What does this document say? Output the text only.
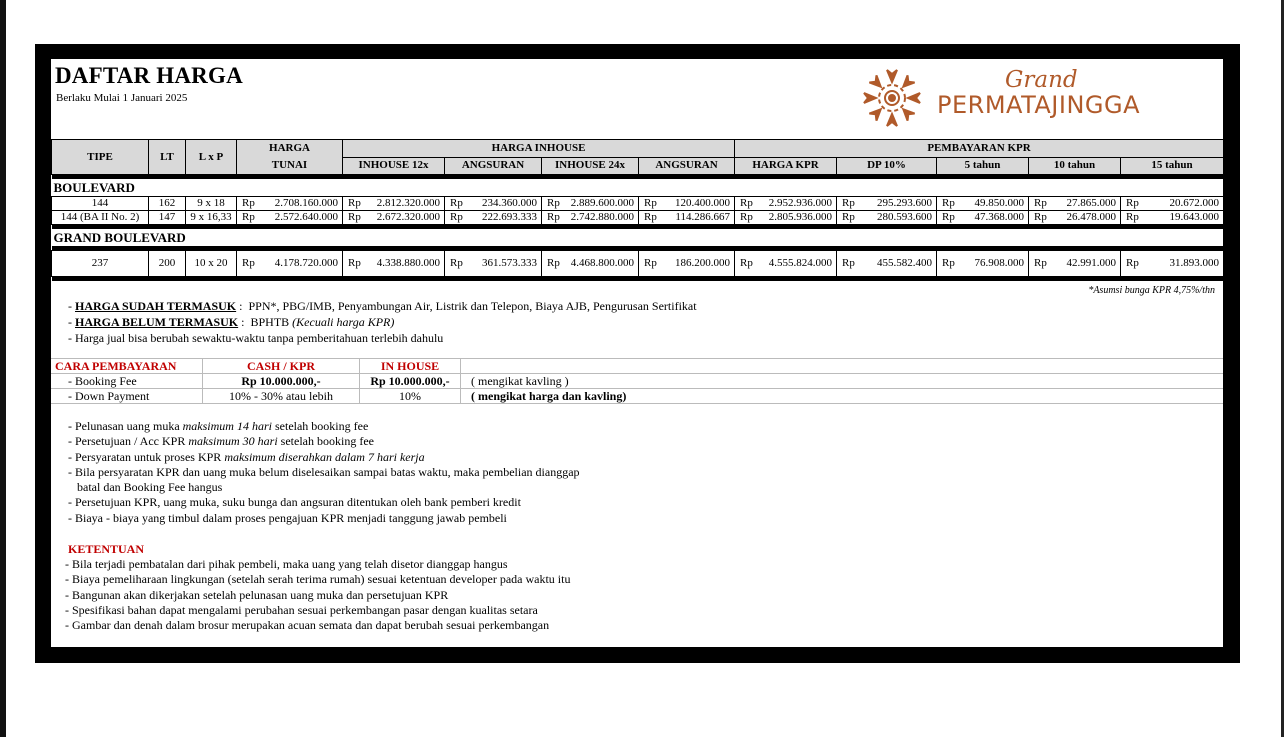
DAFTAR HARGA
Berlaku Mulai 1 Januari 2025
Grand
PERMATAJINGGA
TIPE	LT	L x P	HARGA	HARGA INHOUSE				PEMBAYARAN KPR				
			TUNAI	INHOUSE 12x	ANGSURAN	INHOUSE 24x	ANGSURAN	HARGA KPR	DP 10%	5 tahun	10 tahun	15 tahun

BOULEVARD												
144	162	9 x 18	Rp 2.708.160.000	Rp 2.812.320.000	Rp 234.360.000	Rp 2.889.600.000	Rp 120.400.000	Rp 2.952.936.000	Rp 295.293.600	Rp 49.850.000	Rp 27.865.000	Rp 20.672.000

144 (BA II No. 2)	147	9 x 16,33	Rp 2.572.640.000	Rp 2.672.320.000	Rp 222.693.333	Rp 2.742.880.000	Rp 114.286.667	Rp 2.805.936.000	Rp 280.593.600	Rp 47.368.000	Rp 26.478.000	Rp 19.643.000

GRAND BOULEVARD												

237	200	10 x 20	Rp 4.178.720.000	Rp 4.338.880.000	Rp 361.573.333	Rp 4.468.800.000	Rp 186.200.000	Rp 4.555.824.000	Rp 455.582.400	Rp 76.908.000	Rp 42.991.000	Rp 31.893.000

*Asumsi bunga KPR 4,75%/thn
- HARGA SUDAH TERMASUK :  PPN*, PBG/IMB, Penyambungan Air, Listrik dan Telepon, Biaya AJB, Pengurusan Sertifikat
- HARGA BELUM TERMASUK :  BPHTB (Kecuali harga KPR)
- Harga jual bisa berubah sewaktu-waktu tanpa pemberitahuan terlebih dahulu
CARA PEMBAYARAN	CASH / KPR	IN HOUSE	
- Booking Fee	Rp 10.000.000,-	Rp 10.000.000,-	( mengikat kavling )
- Down Payment	10% - 30% atau lebih	10%	( mengikat harga dan kavling)
- Pelunasan uang muka maksimum 14 hari setelah booking fee
- Persetujuan / Acc KPR maksimum 30 hari setelah booking fee
- Persyaratan untuk proses KPR maksimum diserahkan dalam 7 hari kerja
- Bila persyaratan KPR dan uang muka belum diselesaikan sampai batas waktu, maka pembelian dianggap
batal dan Booking Fee hangus
- Persetujuan KPR, uang muka, suku bunga dan angsuran ditentukan oleh bank pemberi kredit
- Biaya - biaya yang timbul dalam proses pengajuan KPR menjadi tanggung jawab pembeli
KETENTUAN
- Bila terjadi pembatalan dari pihak pembeli, maka uang yang telah disetor dianggap hangus
- Biaya pemeliharaan lingkungan (setelah serah terima rumah) sesuai ketentuan developer pada waktu itu
- Bangunan akan dikerjakan setelah pelunasan uang muka dan persetujuan KPR
- Spesifikasi bahan dapat mengalami perubahan sesuai perkembangan pasar dengan kualitas setara
- Gambar dan denah dalam brosur merupakan acuan semata dan dapat berubah sesuai perkembangan
